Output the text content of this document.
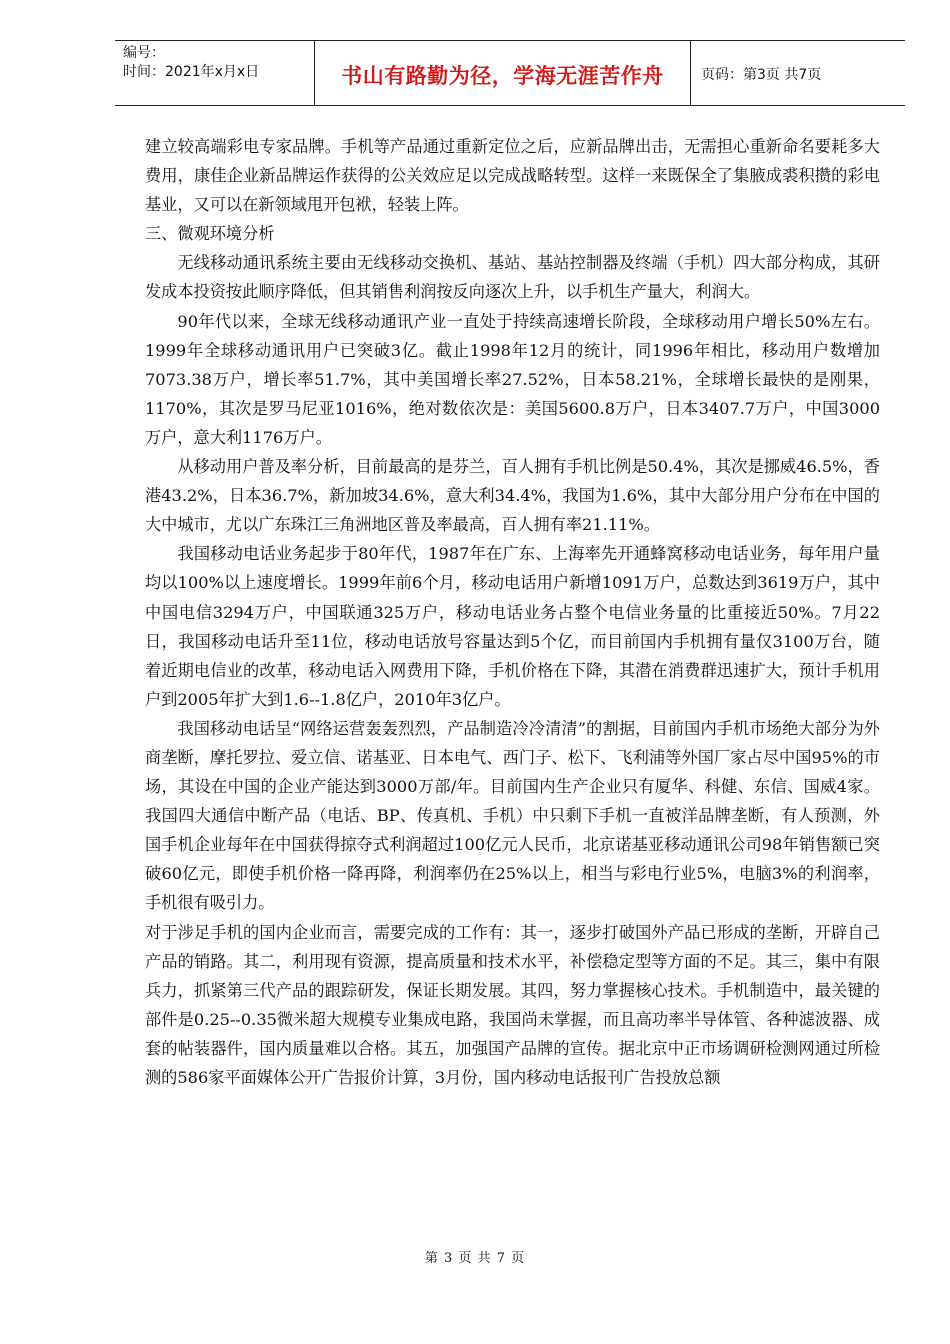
编号：
时间：2021年x月x日	书山有路勤为径，学海无涯苦作舟	页码：第3页 共7页

建立较高端彩电专家品牌。手机等产品通过重新定位之后，应新品牌出击，无需担心重新命名要耗多大费用，康佳企业新品牌运作获得的公关效应足以完成战略转型。这样一来既保全了集腋成裘积攒的彩电基业，又可以在新领域甩开包袱，轻装上阵。

三、微观环境分析

无线移动通讯系统主要由无线移动交换机、基站、基站控制器及终端（手机）四大部分构成，其研发成本投资按此顺序降低，但其销售利润按反向逐次上升，以手机生产量大，利润大。

90年代以来，全球无线移动通讯产业一直处于持续高速增长阶段，全球移动用户增长50%左右。1999年全球移动通讯用户已突破3亿。截止1998年12月的统计，同1996年相比，移动用户数增加7073.38万户，增长率51.7%，其中美国增长率27.52%，日本58.21%，全球增长最快的是刚果，1170%，其次是罗马尼亚1016%，绝对数依次是：美国5600.8万户，日本3407.7万户，中国3000万户，意大利1176万户。

从移动用户普及率分析，目前最高的是芬兰，百人拥有手机比例是50.4%，其次是挪威46.5%，香港43.2%，日本36.7%，新加坡34.6%，意大利34.4%，我国为1.6%，其中大部分用户分布在中国的大中城市，尤以广东珠江三角洲地区普及率最高，百人拥有率21.11%。

我国移动电话业务起步于80年代，1987年在广东、上海率先开通蜂窝移动电话业务，每年用户量均以100%以上速度增长。1999年前6个月，移动电话用户新增1091万户，总数达到3619万户，其中中国电信3294万户，中国联通325万户，移动电话业务占整个电信业务量的比重接近50%。7月22日，我国移动电话升至11位，移动电话放号容量达到5个亿，而目前国内手机拥有量仅3100万台，随着近期电信业的改革，移动电话入网费用下降，手机价格在下降，其潜在消费群迅速扩大，预计手机用户到2005年扩大到1.6--1.8亿户，2010年3亿户。

我国移动电话呈“网络运营轰轰烈烈，产品制造冷冷清清”的割据，目前国内手机市场绝大部分为外商垄断，摩托罗拉、爱立信、诺基亚、日本电气、西门子、松下、飞利浦等外国厂家占尽中国95%的市场，其设在中国的企业产能达到3000万部/年。目前国内生产企业只有厦华、科健、东信、国威4家。我国四大通信中断产品（电话、BP、传真机、手机）中只剩下手机一直被洋品牌垄断，有人预测，外国手机企业每年在中国获得掠夺式利润超过100亿元人民币，北京诺基亚移动通讯公司98年销售额已突破60亿元，即使手机价格一降再降，利润率仍在25%以上，相当与彩电行业5%，电脑3%的利润率，手机很有吸引力。

对于涉足手机的国内企业而言，需要完成的工作有：其一，逐步打破国外产品已形成的垄断，开辟自己产品的销路。其二，利用现有资源，提高质量和技术水平，补偿稳定型等方面的不足。其三，集中有限兵力，抓紧第三代产品的跟踪研发，保证长期发展。其四，努力掌握核心技术。手机制造中，最关键的部件是0.25--0.35微米超大规模专业集成电路，我国尚未掌握，而且高功率半导体管、各种滤波器、成套的帖装器件，国内质量难以合格。其五，加强国产品牌的宣传。据北京中正市场调研检测网通过所检测的586家平面媒体公开广告报价计算，3月份，国内移动电话报刊广告投放总额

第 3 页 共 7 页
